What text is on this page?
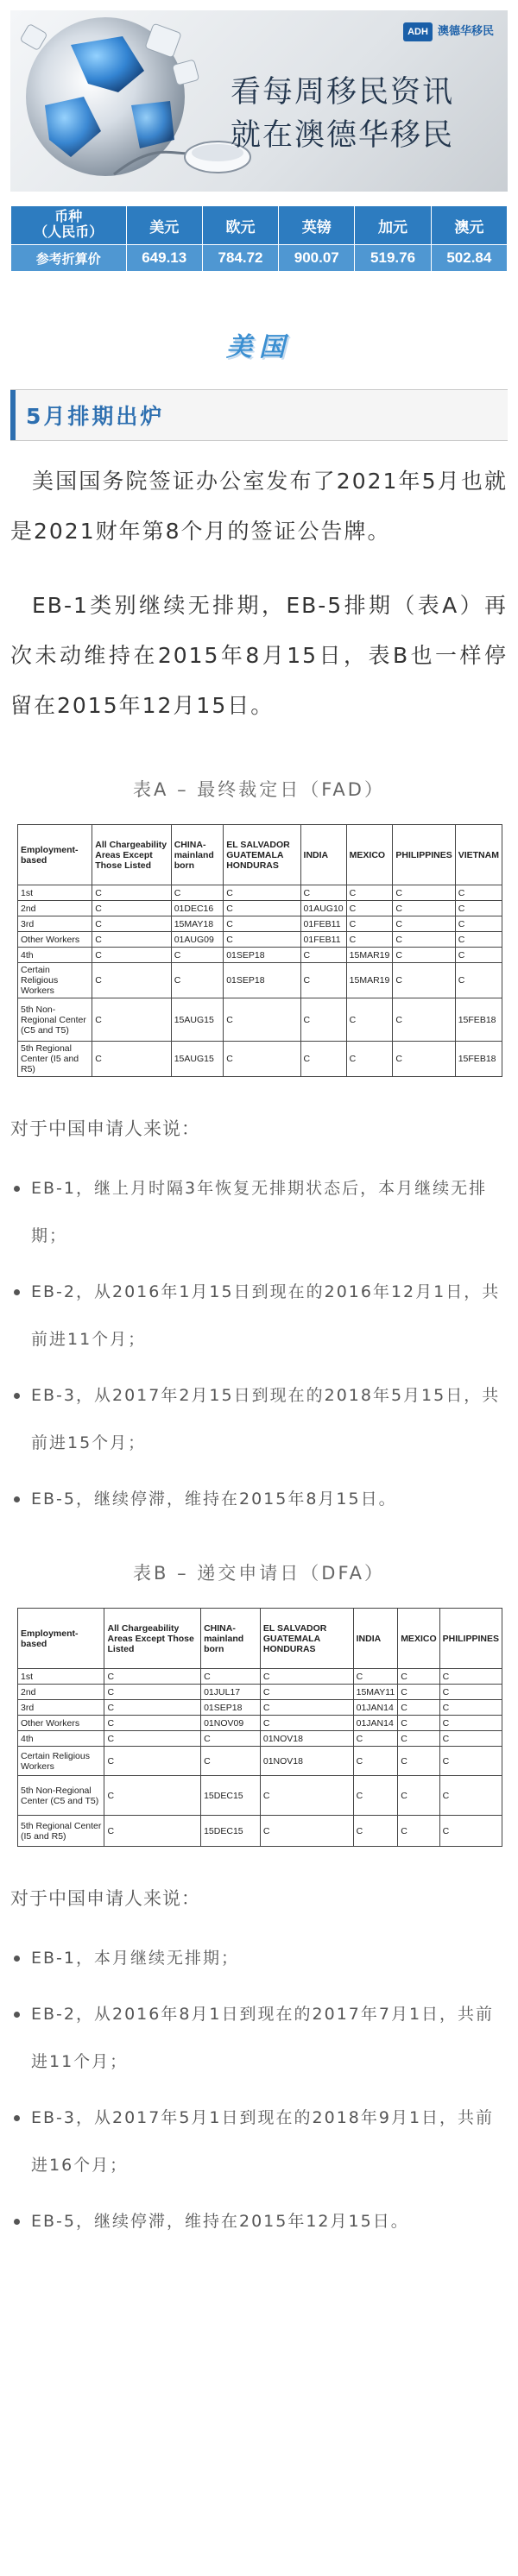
ADH 澳德华移民
看每周移民资讯
就在澳德华移民
币种
（人民币）	美元	欧元	英镑	加元	澳元
参考折算价	649.13	784.72	900.07	519.76	502.84
美国
5月排期出炉

美国国务院签证办公室发布了2021年5月也就是2021财年第8个月的签证公告牌。

EB-1类别继续无排期，EB-5排期（表A）再次未动维持在2015年8月15日，表B也一样停留在2015年12月15日。

表A – 最终裁定日（FAD）
Employment-based	All Chargeability Areas Except Those Listed	CHINA-mainland born	EL SALVADOR GUATEMALA HONDURAS	INDIA	MEXICO	PHILIPPINES	VIETNAM
1st	C	C	C	C	C	C	C
2nd	C	01DEC16	C	01AUG10	C	C	C
3rd	C	15MAY18	C	01FEB11	C	C	C
Other Workers	C	01AUG09	C	01FEB11	C	C	C
4th	C	C	01SEP18	C	15MAR19	C	C
Certain Religious Workers	C	C	01SEP18	C	15MAR19	C	C
5th Non-Regional Center (C5 and T5)	C	15AUG15	C	C	C	C	15FEB18
5th Regional Center (I5 and R5)	C	15AUG15	C	C	C	C	15FEB18
对于中国申请人来说：
EB-1，继上月时隔3年恢复无排期状态后，本月继续无排期；
EB-2，从2016年1月15日到现在的2016年12月1日，共前进11个月；
EB-3，从2017年2月15日到现在的2018年5月15日，共前进15个月；
EB-5，继续停滞，维持在2015年8月15日。
表B – 递交申请日（DFA）
Employment-based	All Chargeability Areas Except Those Listed	CHINA-mainland born	EL SALVADOR GUATEMALA HONDURAS	INDIA	MEXICO	PHILIPPINES
1st	C	C	C	C	C	C
2nd	C	01JUL17	C	15MAY11	C	C
3rd	C	01SEP18	C	01JAN14	C	C
Other Workers	C	01NOV09	C	01JAN14	C	C
4th	C	C	01NOV18	C	C	C
Certain Religious Workers	C	C	01NOV18	C	C	C
5th Non-Regional Center (C5 and T5)	C	15DEC15	C	C	C	C
5th Regional Center (I5 and R5)	C	15DEC15	C	C	C	C
对于中国申请人来说：
EB-1，本月继续无排期；
EB-2，从2016年8月1日到现在的2017年7月1日，共前进11个月；
EB-3，从2017年5月1日到现在的2018年9月1日，共前进16个月；
EB-5，继续停滞，维持在2015年12月15日。
